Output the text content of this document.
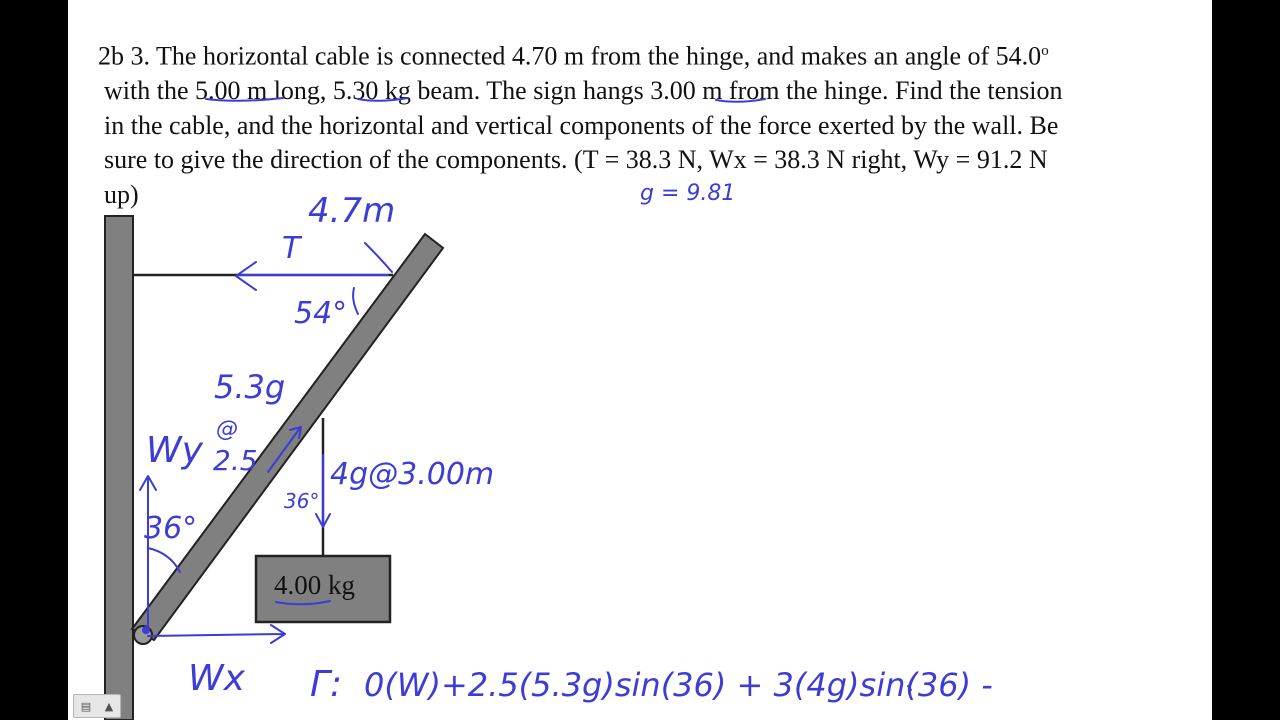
2b 3. The horizontal cable is connected 4.70 m from the hinge, and makes an angle of 54.0$^o$

with the 5.00 m long, 5.30 kg beam. The sign hangs 3.00 m from the hinge. Find the tension

in the cable, and the horizontal and vertical components of the force exerted by the wall. Be

sure to give the direction of the components. (T = 38.3 N, Wx = 38.3 N right, Wy = 91.2 N

up)

4.00 kg
g = 9.81
4.7m
T
54°
5.3g
@
2.5
Wy
36°
36°
4g@3.00m
Wx Γ: 0(W)+2.5(5.3g)sin(36) + 3(4g)sin(36) -
▤ ▲
